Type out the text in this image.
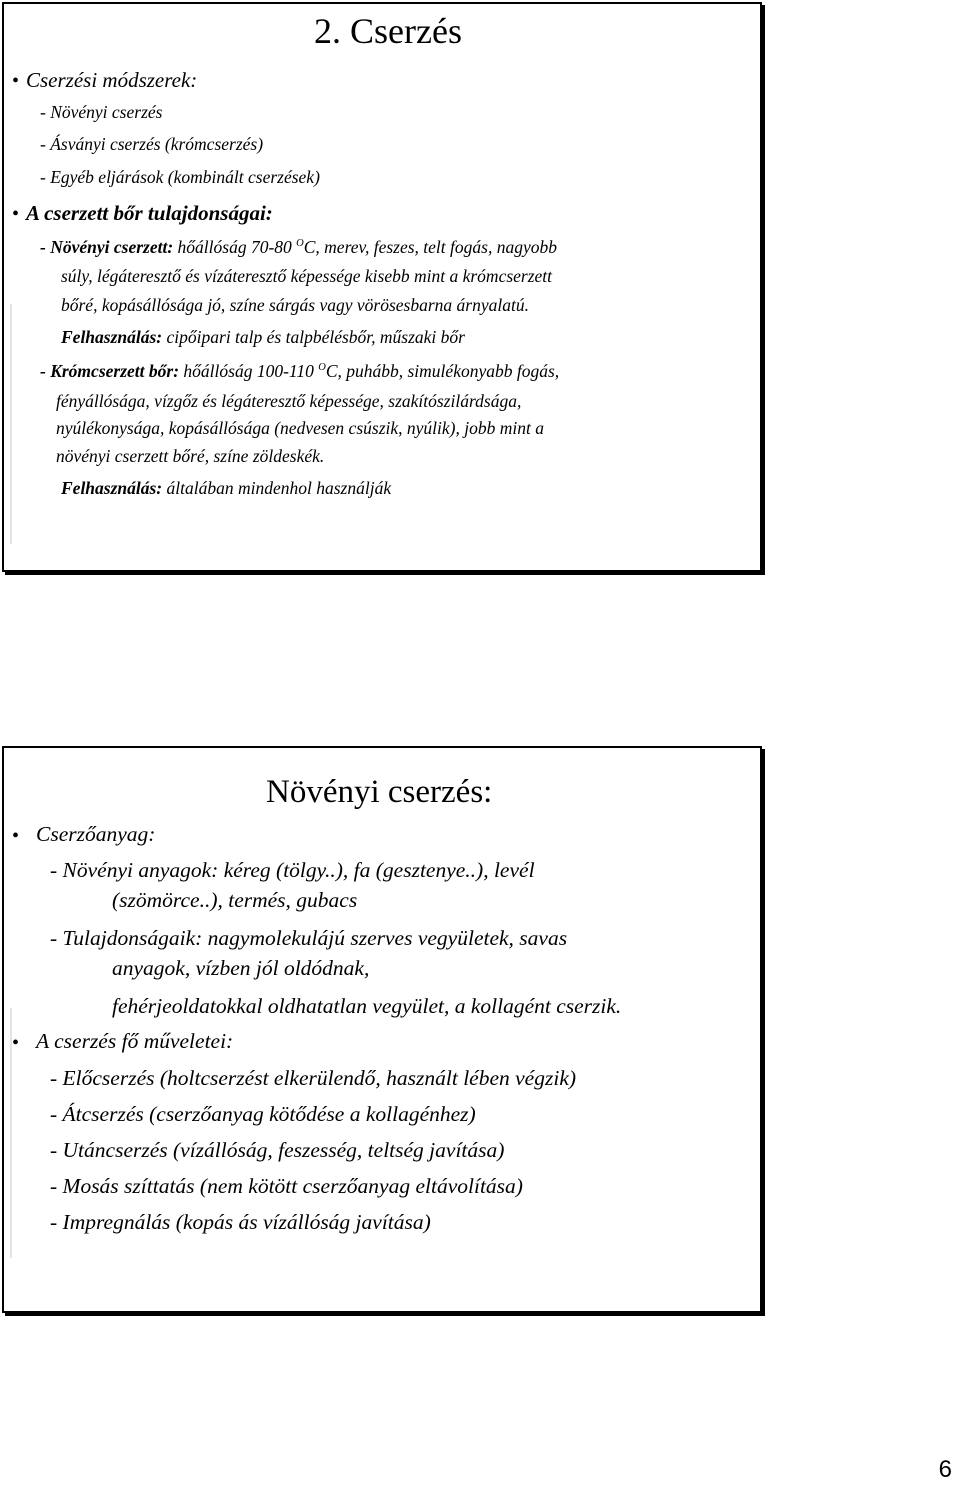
2. Cserzés
• Cserzési módszerek:
- Növényi cserzés
- Ásványi cserzés (krómcserzés)
- Egyéb eljárások (kombinált cserzések)
• A cserzett bőr tulajdonságai:
- Növényi cserzett: hőállóság 70-80 $^O$C, merev, feszes, telt fogás, nagyobb
súly, légáteresztő és vízáteresztő képessége kisebb mint a krómcserzett
bőré, kopásállósága jó, színe sárgás vagy vörösesbarna árnyalatú.
Felhasználás: cipőipari talp és talpbélésbőr, műszaki bőr
- Krómcserzett bőr: hőállóság 100-110 $^O$C, puhább, simulékonyabb fogás,
fényállósága, vízgőz és légáteresztő képessége, szakítószilárdsága,
nyúlékonysága, kopásállósága (nedvesen csúszik, nyúlik), jobb mint a
növényi cserzett bőré, színe zöldeskék.
Felhasználás: általában mindenhol használják
Növényi cserzés:
• Cserzőanyag:
- Növényi anyagok: kéreg (tölgy..), fa (gesztenye..), levél
(szömörce..), termés, gubacs
- Tulajdonságaik: nagymolekulájú szerves vegyületek, savas
anyagok, vízben jól oldódnak,
fehérjeoldatokkal oldhatatlan vegyület, a kollagént cserzik.
• A cserzés fő műveletei:
- Előcserzés (holtcserzést elkerülendő, használt lében végzik)
- Átcserzés (cserzőanyag kötődése a kollagénhez)
- Utáncserzés (vízállóság, feszesség, teltség javítása)
- Mosás szíttatás (nem kötött cserzőanyag eltávolítása)
- Impregnálás (kopás ás vízállóság javítása)
6
